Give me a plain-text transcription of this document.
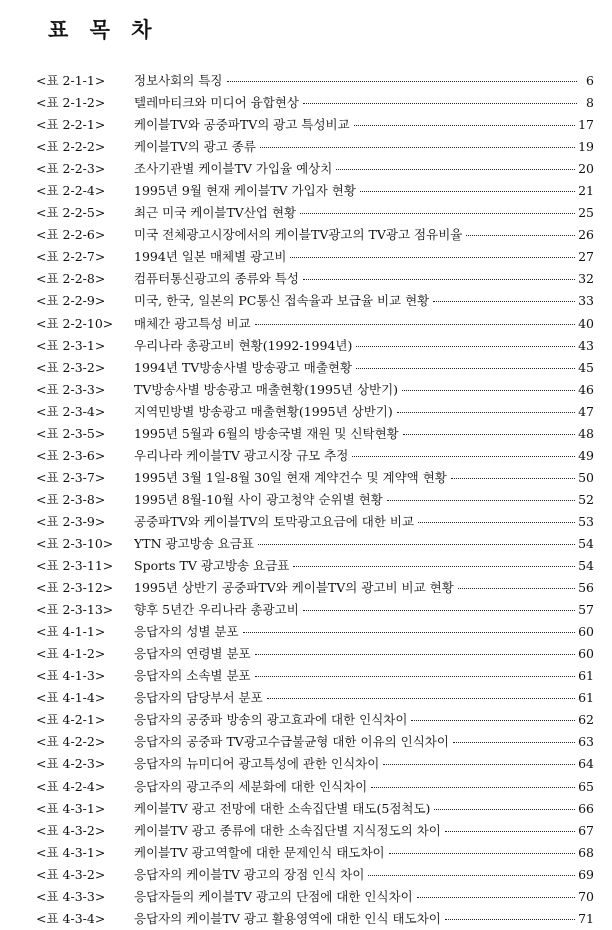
표 목 차
<표 2-1-1>	정보사회의 특징	6
<표 2-1-2>	텔레마티크와 미디어 융합현상	8
<표 2-2-1>	케이블TV와 공중파TV의 광고 특성비교	17
<표 2-2-2>	케이블TV의 광고 종류	19
<표 2-2-3>	조사기관별 케이블TV 가입율 예상치	20
<표 2-2-4>	1995년 9월 현재 케이블TV 가입자 현황	21
<표 2-2-5>	최근 미국 케이블TV산업 현황	25
<표 2-2-6>	미국 전체광고시장에서의 케이블TV광고의 TV광고 점유비율	26
<표 2-2-7>	1994년 일본 매체별 광고비	27
<표 2-2-8>	컴퓨터통신광고의 종류와 특성	32
<표 2-2-9>	미국, 한국, 일본의 PC통신 접속율과 보급율 비교 현황	33
<표 2-2-10>	매체간 광고특성 비교	40
<표 2-3-1>	우리나라 총광고비 현황(1992-1994년)	43
<표 2-3-2>	1994년 TV방송사별 방송광고 매출현황	45
<표 2-3-3>	TV방송사별 방송광고 매출현황(1995년 상반기)	46
<표 2-3-4>	지역민방별 방송광고 매출현황(1995년 상반기)	47
<표 2-3-5>	1995년 5월과 6월의 방송국별 재원 및 신탁현황	48
<표 2-3-6>	우리나라 케이블TV 광고시장 규모 추정	49
<표 2-3-7>	1995년 3월 1일-8월 30일 현재 계약건수 및 계약액 현황	50
<표 2-3-8>	1995년 8월-10월 사이 광고청약 순위별 현황	52
<표 2-3-9>	공중파TV와 케이블TV의 토막광고요금에 대한 비교	53
<표 2-3-10>	YTN 광고방송 요금표	54
<표 2-3-11>	Sports TV 광고방송 요금표	54
<표 2-3-12>	1995년 상반기 공중파TV와 케이블TV의 광고비 비교 현황	56
<표 2-3-13>	향후 5년간 우리나라 총광고비	57
<표 4-1-1>	응답자의 성별 분포	60
<표 4-1-2>	응답자의 연령별 분포	60
<표 4-1-3>	응답자의 소속별 분포	61
<표 4-1-4>	응답자의 담당부서 분포	61
<표 4-2-1>	응답자의 공중파 방송의 광고효과에 대한 인식차이	62
<표 4-2-2>	응답자의 공중파 TV광고수급불균형 대한 이유의 인식차이	63
<표 4-2-3>	응답자의 뉴미디어 광고특성에 관한 인식차이	64
<표 4-2-4>	응답자의 광고주의 세분화에 대한 인식차이	65
<표 4-3-1>	케이블TV 광고 전망에 대한 소속집단별 태도(5점척도)	66
<표 4-3-2>	케이블TV 광고 종류에 대한 소속집단별 지식정도의 차이	67
<표 4-3-1>	케이블TV 광고역할에 대한 문제인식 태도차이	68
<표 4-3-2>	응답자의 케이블TV 광고의 장점 인식 차이	69
<표 4-3-3>	응답자들의 케이블TV 광고의 단점에 대한 인식차이	70
<표 4-3-4>	응답자의 케이블TV 광고 활용영역에 대한 인식 태도차이	71
